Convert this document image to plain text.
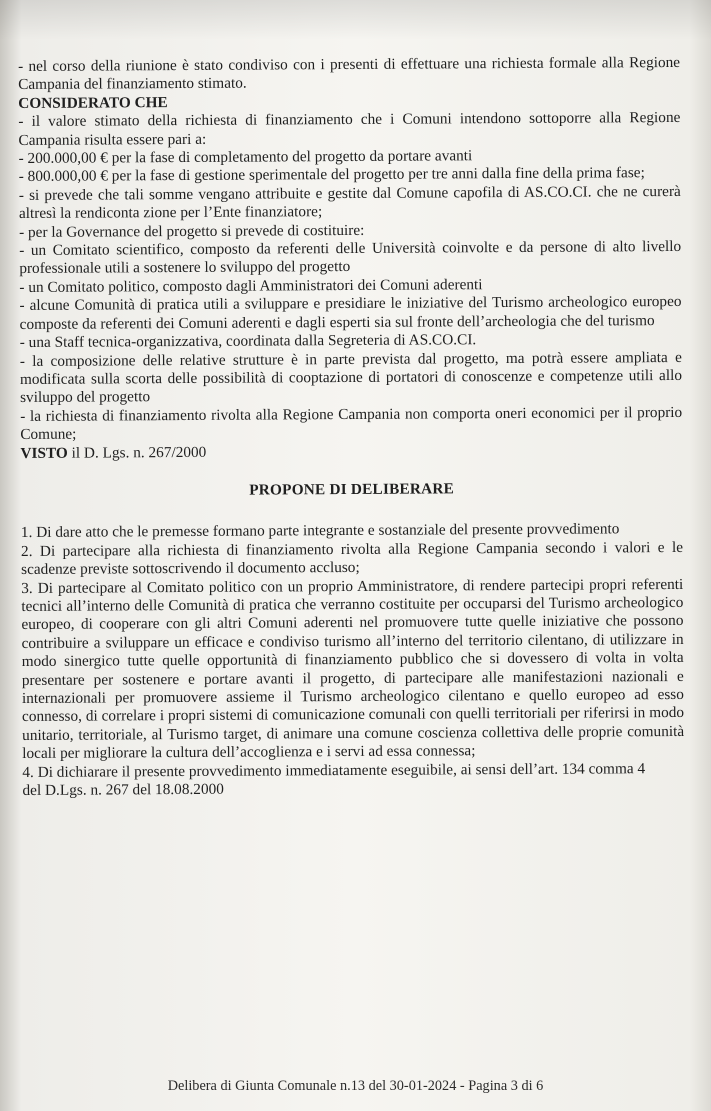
- nel corso della riunione è stato condiviso con i presenti di effettuare una richiesta formale alla Regione Campania del finanziamento stimato.

CONSIDERATO CHE

- il valore stimato della richiesta di finanziamento che i Comuni intendono sottoporre alla Regione Campania risulta essere pari a:

- 200.000,00 € per la fase di completamento del progetto da portare avanti

- 800.000,00 € per la fase di gestione sperimentale del progetto per tre anni dalla fine della prima fase;

- si prevede che tali somme vengano attribuite e gestite dal Comune capofila di AS.CO.CI. che ne curerà altresì la rendiconta zione per l’Ente finanziatore;

- per la Governance del progetto si prevede di costituire:

- un Comitato scientifico, composto da referenti delle Università coinvolte e da persone di alto livello professionale utili a sostenere lo sviluppo del progetto

- un Comitato politico, composto dagli Amministratori dei Comuni aderenti

- alcune Comunità di pratica utili a sviluppare e presidiare le iniziative del Turismo archeologico europeo composte da referenti dei Comuni aderenti e dagli esperti sia sul fronte dell’archeologia che del turismo

- una Staff tecnica-organizzativa, coordinata dalla Segreteria di AS.CO.CI.

- la composizione delle relative strutture è in parte prevista dal progetto, ma potrà essere ampliata e modificata sulla scorta delle possibilità di cooptazione di portatori di conoscenze e competenze utili allo sviluppo del progetto

- la richiesta di finanziamento rivolta alla Regione Campania non comporta oneri economici per il proprio Comune;

VISTO il D. Lgs. n. 267/2000

PROPONE DI DELIBERARE

1. Di dare atto che le premesse formano parte integrante e sostanziale del presente provvedimento

2. Di partecipare alla richiesta di finanziamento rivolta alla Regione Campania secondo i valori e le scadenze previste sottoscrivendo il documento accluso;

3. Di partecipare al Comitato politico con un proprio Amministratore, di rendere partecipi propri referenti tecnici all’interno delle Comunità di pratica che verranno costituite per occuparsi del Turismo archeologico europeo, di cooperare con gli altri Comuni aderenti nel promuovere tutte quelle iniziative che possono contribuire a sviluppare un efficace e condiviso turismo all’interno del territorio cilentano, di utilizzare in modo sinergico tutte quelle opportunità di finanziamento pubblico che si dovessero di volta in volta presentare per sostenere e portare avanti il progetto, di partecipare alle manifestazioni nazionali e internazionali per promuovere assieme il Turismo archeologico cilentano e quello europeo ad esso connesso, di correlare i propri sistemi di comunicazione comunali con quelli territoriali per riferirsi in modo unitario, territoriale, al Turismo target, di animare una comune coscienza collettiva delle proprie comunità locali per migliorare la cultura dell’accoglienza e i servi ad essa connessa;

4. Di dichiarare il presente provvedimento immediatamente eseguibile, ai sensi dell’art. 134 comma 4

del D.Lgs. n. 267 del 18.08.2000

Delibera di Giunta Comunale n.13 del 30-01-2024 - Pagina 3 di 6
